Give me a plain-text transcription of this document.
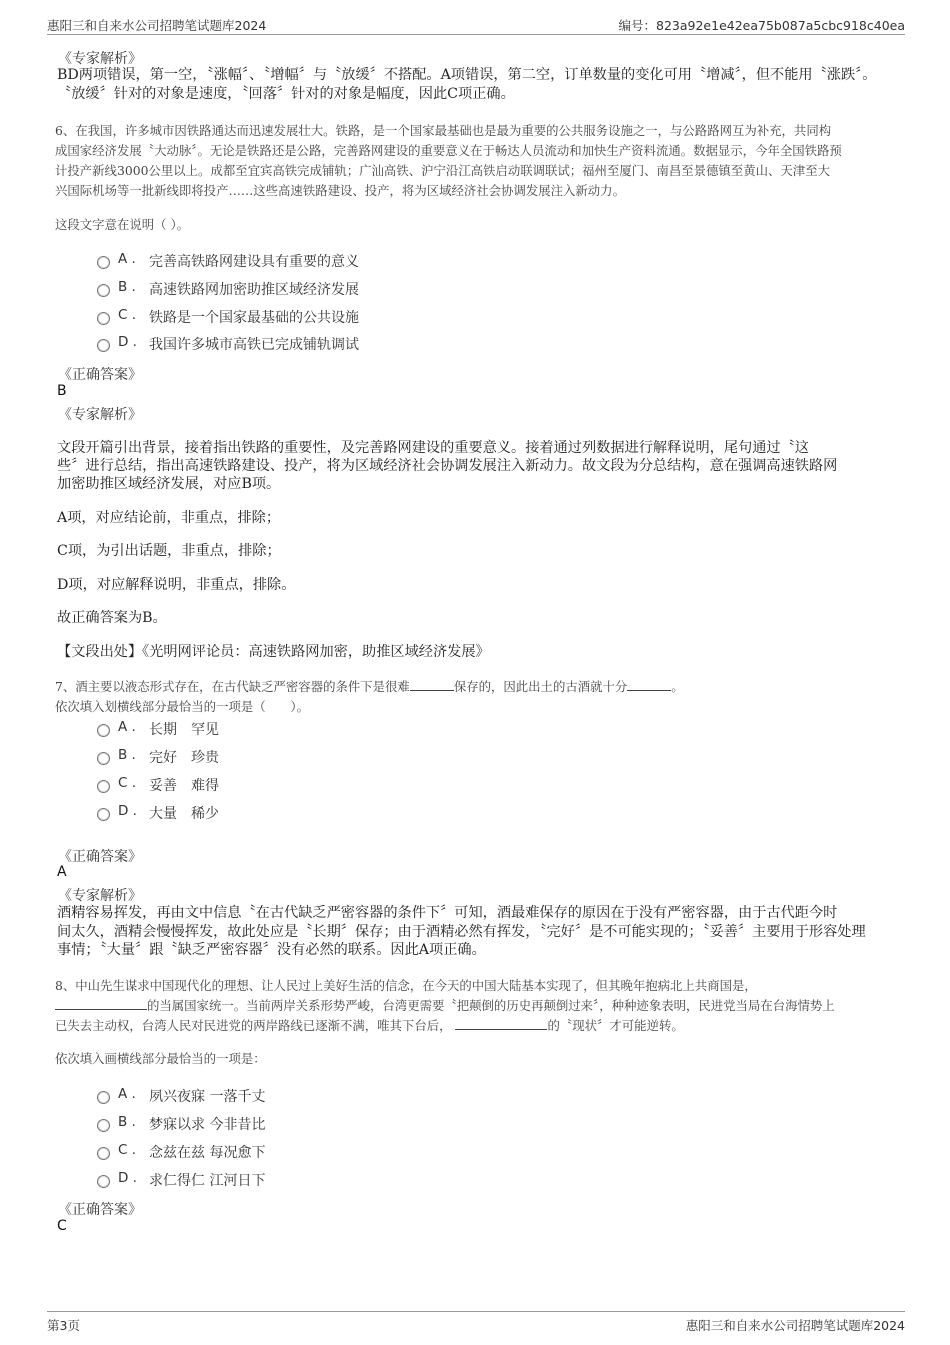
惠阳三和自来水公司招聘笔试题库2024	编号：823a92e1e42ea75b087a5cbc918c40ea
《专家解析》
BD两项错误，第一空，〝涨幅〞、〝增幅〞与〝放缓〞不搭配。A项错误，第二空，订单数量的变化可用〝增减〞，但不能用〝涨跌〞。
〝放缓〞针对的对象是速度，〝回落〞针对的对象是幅度，因此C项正确。
6、在我国，许多城市因铁路通达而迅速发展壮大。铁路，是一个国家最基础也是最为重要的公共服务设施之一，与公路路网互为补充，共同构
成国家经济发展〝大动脉〞。无论是铁路还是公路，完善路网建设的重要意义在于畅达人员流动和加快生产资料流通。数据显示，今年全国铁路预
计投产新线3000公里以上。成都至宜宾高铁完成铺轨；广汕高铁、沪宁沿江高铁启动联调联试；福州至厦门、南昌至景德镇至黄山、天津至大
兴国际机场等一批新线即将投产……这些高速铁路建设、投产，将为区域经济社会协调发展注入新动力。
这段文字意在说明（ ）。
A . 完善高铁路网建设具有重要的意义
B . 高速铁路网加密助推区域经济发展
C . 铁路是一个国家最基础的公共设施
D . 我国许多城市高铁已完成铺轨调试
《正确答案》
B
《专家解析》
文段开篇引出背景，接着指出铁路的重要性，及完善路网建设的重要意义。接着通过列数据进行解释说明，尾句通过〝这
些〞进行总结，指出高速铁路建设、投产，将为区域经济社会协调发展注入新动力。故文段为分总结构，意在强调高速铁路网
加密助推区域经济发展，对应B项。
A项，对应结论前，非重点，排除；
C项，为引出话题，非重点，排除；
D项，对应解释说明，非重点，排除。
故正确答案为B。
【文段出处】《光明网评论员：高速铁路网加密，助推区域经济发展》
7、酒主要以液态形式存在，在古代缺乏严密容器的条件下是很难	保存的，因此出土的古酒就十分	。
依次填入划横线部分最恰当的一项是（　　）。
A . 长期　罕见
B . 完好　珍贵
C . 妥善　难得
D . 大量　稀少
《正确答案》
A
《专家解析》
酒精容易挥发，再由文中信息〝在古代缺乏严密容器的条件下〞可知，酒最难保存的原因在于没有严密容器，由于古代距今时
间太久，酒精会慢慢挥发，故此处应是〝长期〞保存；由于酒精必然有挥发，〝完好〞是不可能实现的；〝妥善〞主要用于形容处理
事情；〝大量〞跟〝缺乏严密容器〞没有必然的联系。因此A项正确。
8、中山先生谋求中国现代化的理想、让人民过上美好生活的信念，在今天的中国大陆基本实现了，但其晚年抱病北上共商国是，
的当属国家统一。当前两岸关系形势严峻，台湾更需要〝把颠倒的历史再颠倒过来〞，种种迹象表明，民进党当局在台海情势上
已失去主动权，台湾人民对民进党的两岸路线已逐渐不满，唯其下台后，	的〝现状〞才可能逆转。
依次填入画横线部分最恰当的一项是：
A . 夙兴夜寐 一落千丈
B . 梦寐以求 今非昔比
C . 念兹在兹 每况愈下
D . 求仁得仁 江河日下
《正确答案》
C
第3页	惠阳三和自来水公司招聘笔试题库2024
